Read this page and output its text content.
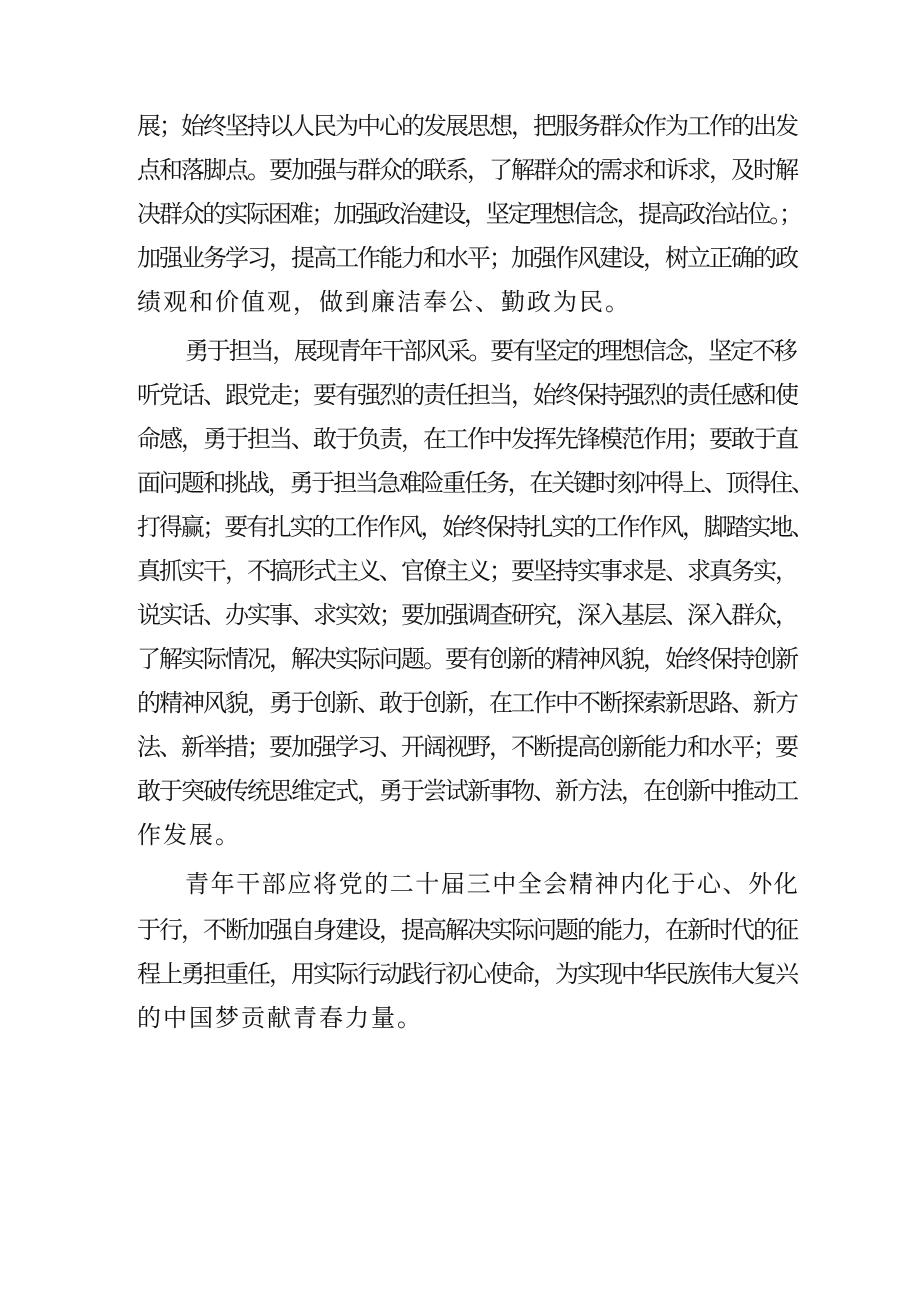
展；始终坚持以人民为中心的发展思想，把服务群众作为工作的出发
点和落脚点。要加强与群众的联系，了解群众的需求和诉求，及时解
决群众的实际困难；加强政治建设，坚定理想信念，提高政治站位。；
加强业务学习，提高工作能力和水平；加强作风建设，树立正确的政
绩观和价值观，做到廉洁奉公、勤政为民。
勇于担当，展现青年干部风采。要有坚定的理想信念，坚定不移
听党话、跟党走；要有强烈的责任担当，始终保持强烈的责任感和使
命感，勇于担当、敢于负责，在工作中发挥先锋模范作用；要敢于直
面问题和挑战，勇于担当急难险重任务，在关键时刻冲得上、顶得住、
打得赢；要有扎实的工作作风，始终保持扎实的工作作风，脚踏实地、
真抓实干，不搞形式主义、官僚主义；要坚持实事求是、求真务实，
说实话、办实事、求实效；要加强调查研究，深入基层、深入群众，
了解实际情况，解决实际问题。要有创新的精神风貌，始终保持创新
的精神风貌，勇于创新、敢于创新，在工作中不断探索新思路、新方
法、新举措；要加强学习、开阔视野，不断提高创新能力和水平；要
敢于突破传统思维定式，勇于尝试新事物、新方法，在创新中推动工
作发展。
青年干部应将党的二十届三中全会精神内化于心、外化
于行，不断加强自身建设，提高解决实际问题的能力，在新时代的征
程上勇担重任，用实际行动践行初心使命，为实现中华民族伟大复兴
的中国梦贡献青春力量。
